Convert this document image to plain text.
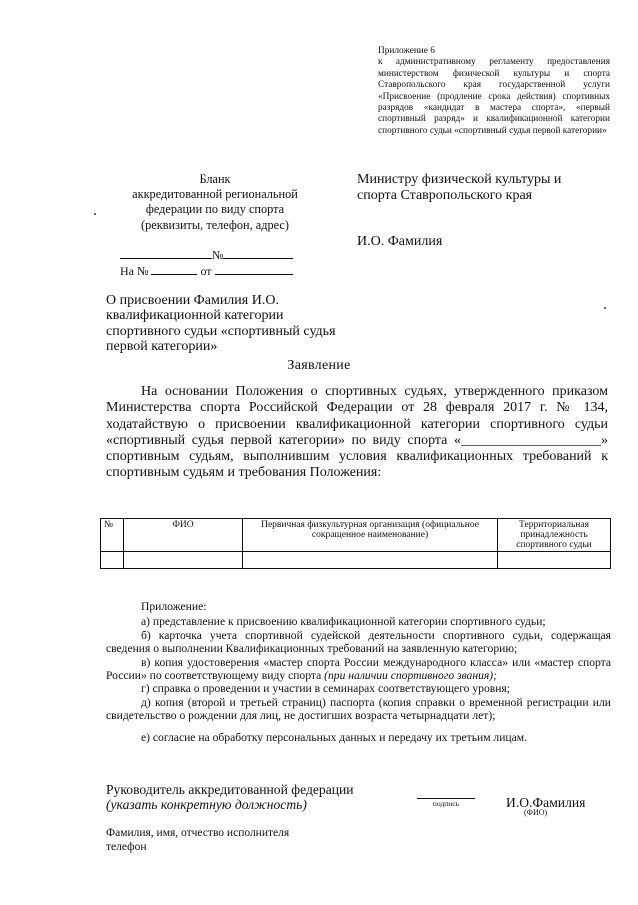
Приложение 6
к административному регламенту предоставления министерством физической культуры и спорта Ставропольского края государственной услуги «Присвоение (продление срока действия) спортивных разрядов «кандидат в мастера спорта», «первый спортивный разряд» и квалификационной категории спортивного судьи «спортивный судья первой категории»
Бланк
аккредитованной региональной
федерации по виду спорта
(реквизиты, телефон, адрес)
Министру физической культуры и
спорта Ставропольского края
И.О. Фамилия
№
На №	от
О присвоении Фамилия И.О. квалификационной категории спортивного судьи «спортивный судья первой категории»
Заявление
На основании Положения о спортивных судьях, утвержденного приказом Министерства спорта Российской Федерации от 28 февраля 2017 г. № 134, ходатайствую о присвоении квалификационной категории спортивного судьи «спортивный судья первой категории» по виду спорта «____________________» спортивным судьям, выполнившим условия квалификационных требований к спортивным судьям и требования Положения:
№	ФИО	Первичная физкультурная организация (официальное сокращенное наименование)	Территориальная принадлежность спортивного судьи

Приложение:

а) представление к присвоению квалификационной категории спортивного судьи;

б) карточка учета спортивной судейской деятельности спортивного судьи, содержащая сведения о выполнении Квалификационных требований на заявленную категорию;

в) копия удостоверения «мастер спорта России международного класса» или «мастер спорта России» по соответствующему виду спорта (при наличии спортивного звания);

г) справка о проведении и участии в семинарах соответствующего уровня;

д) копия (второй и третьей страниц) паспорта (копия справки о временной регистрации или свидетельство о рождении для лиц, не достигших возраста четырнадцати лет);

е) согласие на обработку персональных данных и передачу их третьим лицам.

Руководитель аккредитованной федерации
(указать конкретную должность)	подпись	И.О.Фамилия
(ФИО)
Фамилия, имя, отчество исполнителя
телефон
